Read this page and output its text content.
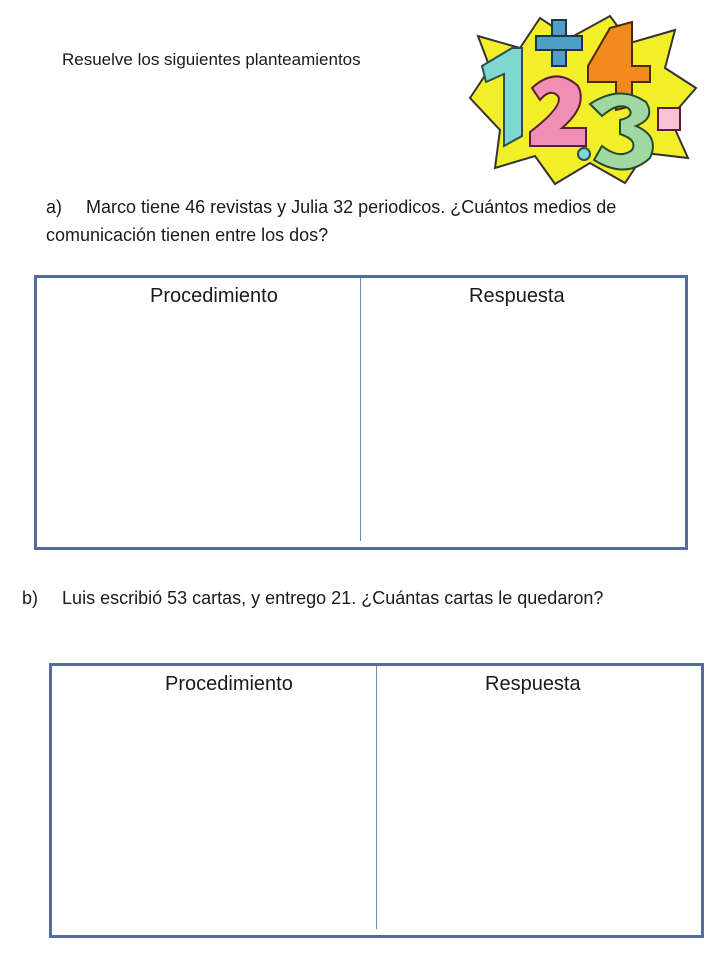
Resuelve los siguientes planteamientos
a) Marco tiene 46 revistas y Julia 32 periodicos. ¿Cuántos medios de comunicación tienen entre los dos?
Procedimiento	Respuesta
b) Luis escribió 53 cartas, y entrego 21. ¿Cuántas cartas le quedaron?
Procedimiento	Respuesta
